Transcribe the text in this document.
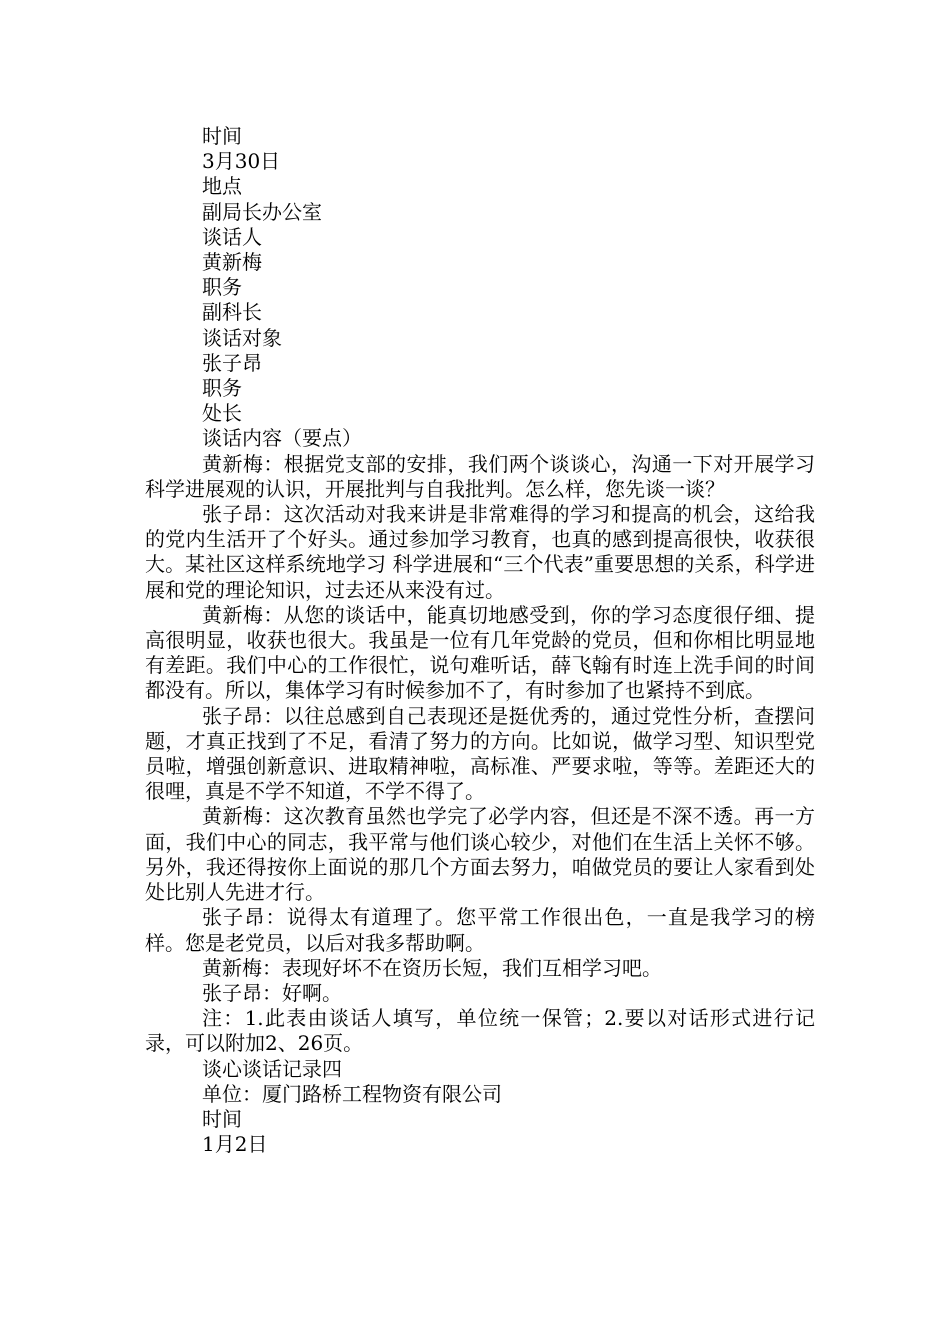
时间
3月30日
地点
副局长办公室
谈话人
黄新梅
职务
副科长
谈话对象
张子昂
职务
处长
谈话内容（要点）

黄新梅：根据党支部的安排，我们两个谈谈心，沟通一下对开展学习科学进展观的认识，开展批判与自我批判。怎么样，您先谈一谈？

张子昂：这次活动对我来讲是非常难得的学习和提高的机会，这给我的党内生活开了个好头。通过参加学习教育，也真的感到提高很快，收获很大。某社区这样系统地学习 科学进展和“三个代表”重要思想的关系，科学进展和党的理论知识，过去还从来没有过。

黄新梅：从您的谈话中，能真切地感受到，你的学习态度很仔细、提高很明显，收获也很大。我虽是一位有几年党龄的党员，但和你相比明显地有差距。我们中心的工作很忙，说句难听话，薛飞翰有时连上洗手间的时间都没有。所以，集体学习有时候参加不了，有时参加了也紧持不到底。

张子昂：以往总感到自己表现还是挺优秀的，通过党性分析，查摆问题，才真正找到了不足，看清了努力的方向。比如说，做学习型、知识型党员啦，增强创新意识、进取精神啦，高标准、严要求啦，等等。差距还大的很哩，真是不学不知道，不学不得了。

黄新梅：这次教育虽然也学完了必学内容，但还是不深不透。再一方面，我们中心的同志，我平常与他们谈心较少，对他们在生活上关怀不够。另外，我还得按你上面说的那几个方面去努力，咱做党员的要让人家看到处处比别人先进才行。

张子昂：说得太有道理了。您平常工作很出色，一直是我学习的榜样。您是老党员，以后对我多帮助啊。

黄新梅：表现好坏不在资历长短，我们互相学习吧。

张子昂：好啊。

注：1.此表由谈话人填写，单位统一保管；2.要以对话形式进行记录，可以附加2、26页。

谈心谈话记录四
单位：厦门路桥工程物资有限公司
时间
1月2日
